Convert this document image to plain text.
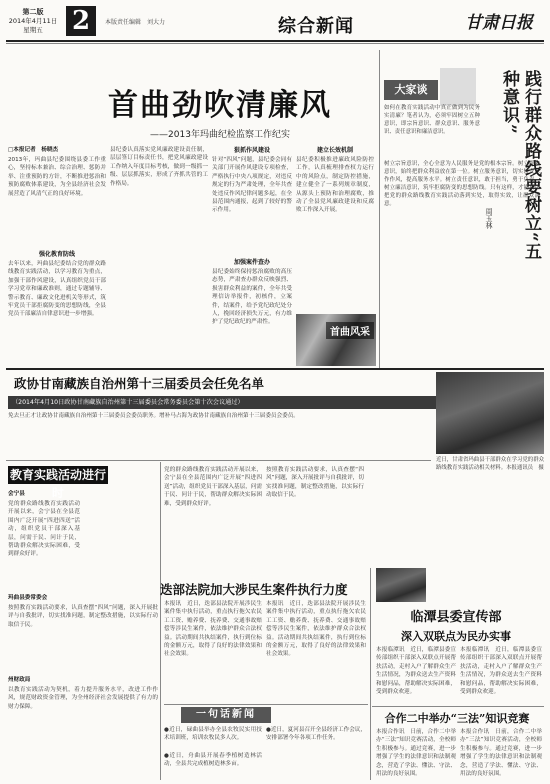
第二版
2014年4月11日
星期五	2	本版责任编辑　刘大力	综合新闻	甘肃日报
首曲劲吹清廉风
——2013年玛曲纪检监察工作纪实
□本报记者　杨晓杰
2013年，玛曲县纪委围绕县委工作重心，坚持标本兼治、综合治理、惩防并举、注重预防的方针，不断推进惩治和预防腐败体系建设，为全县经济社会发展营造了风清气正的良好环境。
强化教育防线
去年以来，玛曲县纪委结合党的群众路线教育实践活动，以学习教育为重点，加强干部作风建设，认真组织党员干部学习党章和廉政准则，通过专题辅导、警示教育、廉政文化进机关等形式，筑牢党员干部拒腐防变的思想防线，全县党员干部廉洁自律意识进一步增强。
县纪委认真落实党风廉政建设责任制，层层签订目标责任书，把党风廉政建设工作纳入年度目标考核，做到一级抓一级、层层抓落实，形成了齐抓共管的工作格局。
狠抓作风建设
针对“四风”问题，县纪委会同有关部门开展作风建设专项检查，严格执行中央八项规定，对违反规定的行为严肃处理，全年共查处违反作风纪律问题多起，在全县范围内通报，起到了较好的警示作用。
加强案件查办
县纪委始终保持惩治腐败的高压态势，严肃查办群众反映强烈、损害群众利益的案件，全年共受理信访举报件，初核件，立案件，结案件，给予党纪政纪处分人，挽回经济损失万元，有力维护了党纪政纪的严肃性。
建立长效机制
县纪委积极推进廉政风险防控工作，认真梳理排查权力运行中的风险点，制定防控措施，建立健全了一系列规章制度，从源头上预防和治理腐败，推动了全县党风廉政建设和反腐败工作深入开展。
首曲风采
大家谈	践行群众路线要树立“五种意识”
周玉林
如何在教育实践活动中真正做到为民务实清廉？笔者认为，必须牢固树立五种意识，即宗旨意识、群众意识、服务意识、责任意识和廉洁意识。
树立宗旨意识，全心全意为人民服务是党的根本宗旨。树立群众意识，始终把群众利益放在第一位。树立服务意识，切实转变工作作风，提高服务水平。树立责任意识，敢于担当，勇于负责，树立廉洁意识，筑牢拒腐防变的思想防线。只有这样，才能真正把党的群众路线教育实践活动落到实处，取得实效，让群众满意。
政协甘南藏族自治州第十三届委员会任免名单
（2014年4月10日政协甘南藏族自治州第十三届委员会常务委员会第十次会议通过）
免去旦正才让政协甘南藏族自治州第十三届委员会委员职务。增补马占海为政协甘南藏族自治州第十三届委员会委员。
近日，甘肃省玛曲县干部群众在学习党的群众路线教育实践活动相关材料。本报通讯员　摄
教育实践活动进行时
会宁县
党的群众路线教育实践活动开展以来，会宁县在全县范围内广泛开展“四进四送”活动，组织党员干部深入基层，问需于民、问计于民，帮助群众解决实际困难，受到群众好评。
玛曲县委常委会
按照教育实践活动要求，认真查摆“四风”问题，深入开展批评与自我批评，切实找准问题，制定整改措施，以实际行动取信于民。
州财政局
以教育实践活动为契机，着力提升服务水平，改进工作作风，规范财政资金管理，为全州经济社会发展提供了有力的财力保障。
党的群众路线教育实践活动开展以来，会宁县在全县范围内广泛开展“四进四送”活动，组织党员干部深入基层，问需于民、问计于民，帮助群众解决实际困难，受到群众好评。
按照教育实践活动要求，认真查摆“四风”问题，深入开展批评与自我批评，切实找准问题，制定整改措施，以实际行动取信于民。
迭部法院加大涉民生案件执行力度
本报讯　近日，迭部县法院开展涉民生案件集中执行活动，重点执行拖欠农民工工资、赡养费、抚养费、交通事故赔偿等涉民生案件，依法维护群众合法权益。活动期间共执结案件，执行到位标的金额万元，取得了良好的法律效果和社会效果。
本报讯　近日，迭部县法院开展涉民生案件集中执行活动，重点执行拖欠农民工工资、赡养费、抚养费、交通事故赔偿等涉民生案件，依法维护群众合法权益。活动期间共执结案件，执行到位标的金额万元，取得了良好的法律效果和社会效果。
临潭县委宣传部
深入双联点为民办实事
本报临潭讯　近日，临潭县委宣传部组织干部深入双联点开展帮扶活动，走村入户了解群众生产生活情况，为群众送去生产资料和慰问品，帮助解决实际困难，受到群众欢迎。
本报临潭讯　近日，临潭县委宣传部组织干部深入双联点开展帮扶活动，走村入户了解群众生产生活情况，为群众送去生产资料和慰问品，帮助解决实际困难，受到群众欢迎。
一句话新闻
●近日，碌曲县举办全县农牧民实用技术培训班，培训农牧民多人次。
●近日，舟曲县开展春季植树造林活动，全县共完成植树造林多亩。
●近日，夏河县召开全县经济工作会议，安排部署今年各项工作任务。
合作二中举办“三法”知识竞赛
本报合作讯　日前，合作二中举办“三法”知识竞赛活动，全校师生积极参与。通过竞赛，进一步增强了学生的法律意识和法制观念，营造了学法、懂法、守法、用法的良好氛围。
本报合作讯　日前，合作二中举办“三法”知识竞赛活动，全校师生积极参与。通过竞赛，进一步增强了学生的法律意识和法制观念，营造了学法、懂法、守法、用法的良好氛围。
